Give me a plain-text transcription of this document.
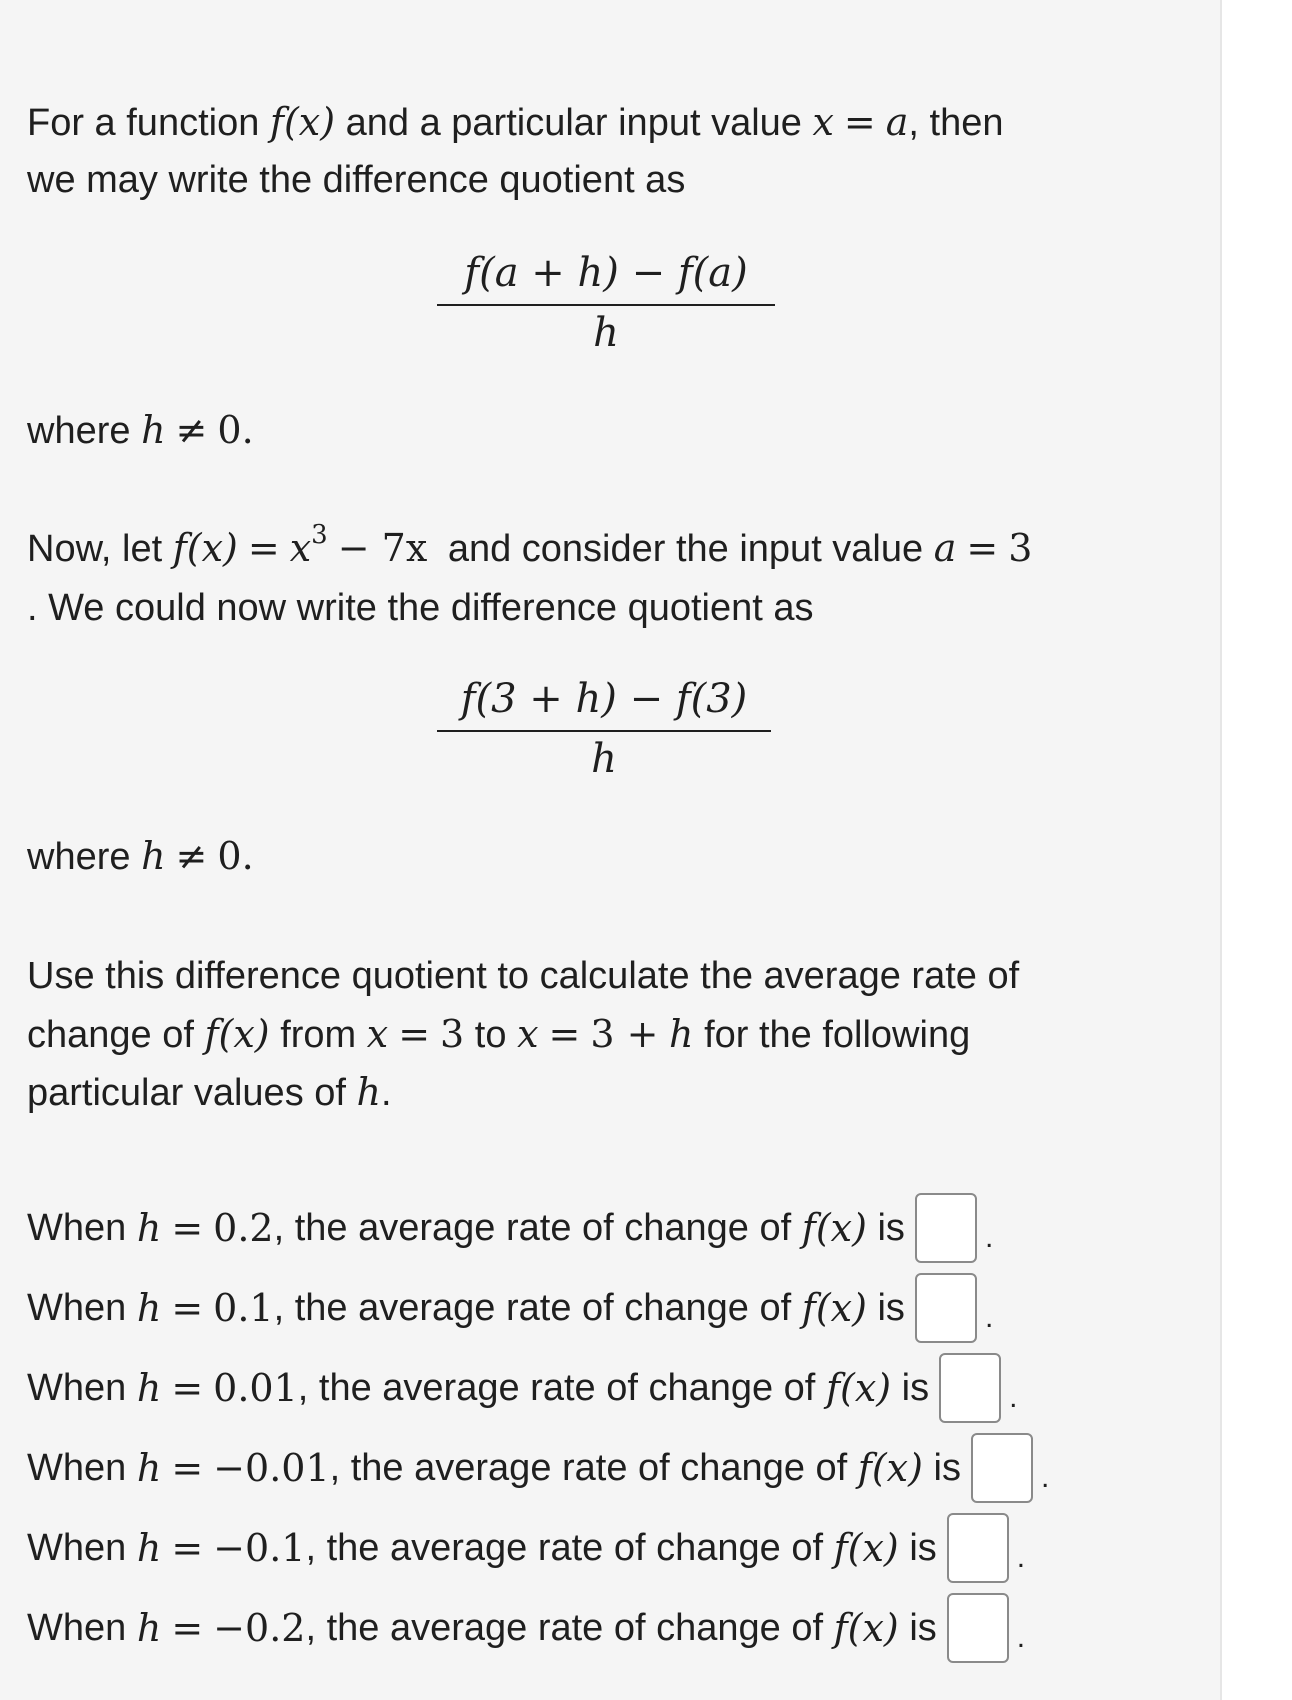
For a function f(x) and a particular input value x = a, then
we may write the difference quotient as
$\frac{f(a + h) - f(a)}{h}$
where h ≠ 0.
Now, let $f(x) = x^3 - 7x$ and consider the input value a = 3
. We could now write the difference quotient as
$\frac{f(3 + h) - f(3)}{h}$
where h ≠ 0.
Use this difference quotient to calculate the average rate of
change of f(x) from x = 3 to x = 3 + h for the following
particular values of h.
When
h = 0.2 , the average rate of change of
f(x)
is	.
When
h = 0.1 , the average rate of change of
f(x)
is	.
When
h = 0.01 , the average rate of change of
f(x)
is	.
When
h = −0.01 , the average rate of change of
f(x)
is	.
When
h = −0.1 , the average rate of change of
f(x)
is	.
When
h = −0.2 , the average rate of change of
f(x)
is	.
